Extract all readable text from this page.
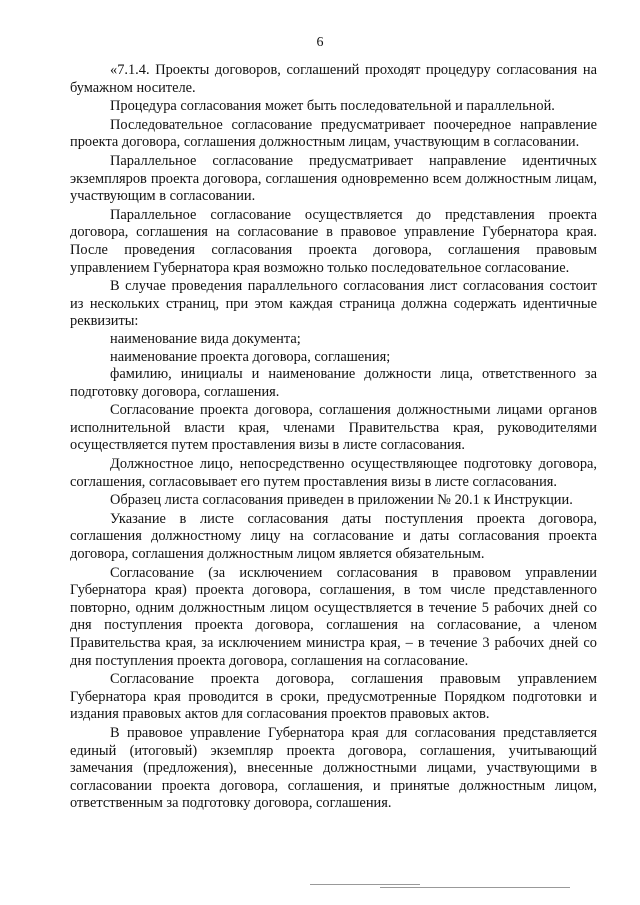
6

«7.1.4. Проекты договоров, соглашений проходят процедуру согласования на бумажном носителе.

Процедура согласования может быть последовательной и параллельной.

Последовательное согласование предусматривает поочередное направление проекта договора, соглашения должностным лицам, участвующим в согласовании.

Параллельное согласование предусматривает направление идентичных экземпляров проекта договора, соглашения одновременно всем должностным лицам, участвующим в согласовании.

Параллельное согласование осуществляется до представления проекта договора, соглашения на согласование в правовое управление Губернатора края. После проведения согласования проекта договора, соглашения правовым управлением Губернатора края возможно только последовательное согласование.

В случае проведения параллельного согласования лист согласования состоит из нескольких страниц, при этом каждая страница должна содержать идентичные реквизиты:

наименование вида документа;

наименование проекта договора, соглашения;

фамилию, инициалы и наименование должности лица, ответственного за подготовку договора, соглашения.

Согласование проекта договора, соглашения должностными лицами органов исполнительной власти края, членами Правительства края, руководителями осуществляется путем проставления визы в листе согласования.

Должностное лицо, непосредственно осуществляющее подготовку договора, соглашения, согласовывает его путем проставления визы в листе согласования.

Образец листа согласования приведен в приложении № 20.1 к Инструкции.

Указание в листе согласования даты поступления проекта договора, соглашения должностному лицу на согласование и даты согласования проекта договора, соглашения должностным лицом является обязательным.

Согласование (за исключением согласования в правовом управлении Губернатора края) проекта договора, соглашения, в том числе представленного повторно, одним должностным лицом осуществляется в течение 5 рабочих дней со дня поступления проекта договора, соглашения на согласование, а членом Правительства края, за исключением министра края, – в течение 3 рабочих дней со дня поступления проекта договора, соглашения на согласование.

Согласование проекта договора, соглашения правовым управлением Губернатора края проводится в сроки, предусмотренные Порядком подготовки и издания правовых актов для согласования проектов правовых актов.

В правовое управление Губернатора края для согласования представляется единый (итоговый) экземпляр проекта договора, соглашения, учитывающий замечания (предложения), внесенные должностными лицами, участвующими в согласовании проекта договора, соглашения, и принятые должностным лицом, ответственным за подготовку договора, соглашения.
